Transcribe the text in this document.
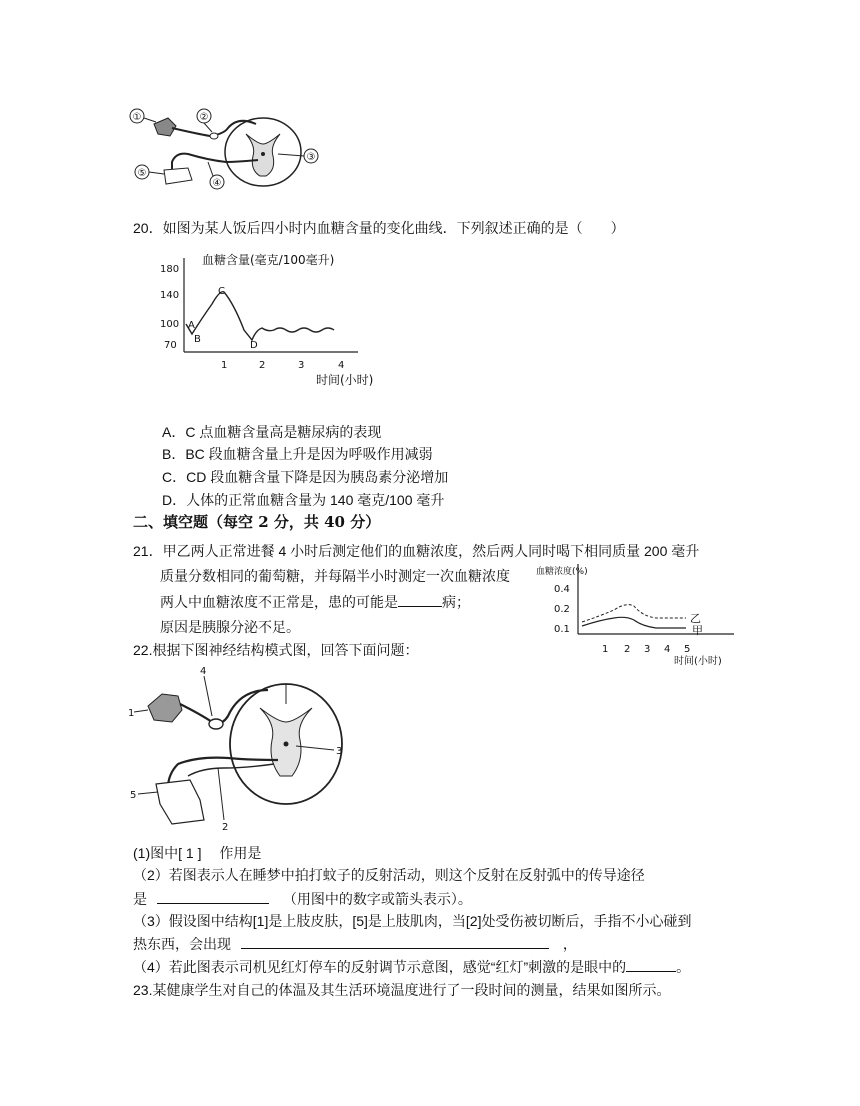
①	②
③
④
⑤
20．如图为某人饭后四小时内血糖含量的变化曲线．下列叙述正确的是（　　）
180
140
100
70
1	2	3	4
血糖含量(毫克/100毫升)
时间(小时)
A
B
C
D
A．C 点血糖含量高是糖尿病的表现
B．BC 段血糖含量上升是因为呼吸作用减弱
C．CD 段血糖含量下降是因为胰岛素分泌增加
D．人体的正常血糖含量为 140 毫克/100 毫升
二、填空题（每空 2 分，共 40 分）
21．甲乙两人正常进餐 4 小时后测定他们的血糖浓度，然后两人同时喝下相同质量 200 毫升
质量分数相同的葡萄糖，并每隔半小时测定一次血糖浓度
两人中血糖浓度不正常是，患的可能是	病；
原因是胰腺分泌不足。
血糖浓度(%)
0.4
0.2
0.1
1 2 3 4 5
时间(小时)
乙
甲
22.根据下图神经结构模式图，回答下面问题：
1
2
3
4
5
(1)图中[ 1 ]　 作用是
（2）若图表示人在睡梦中拍打蚊子的反射活动，则这个反射在反射弧中的传导途径
是	（用图中的数字或箭头表示）。
（3）假设图中结构[1]是上肢皮肤，[5]是上肢肌肉，当[2]处受伤被切断后，手指不小心碰到
热东西，会出现	，
（4）若此图表示司机见红灯停车的反射调节示意图，感觉“红灯”刺激的是眼中的	。
23.某健康学生对自己的体温及其生活环境温度进行了一段时间的测量，结果如图所示。
